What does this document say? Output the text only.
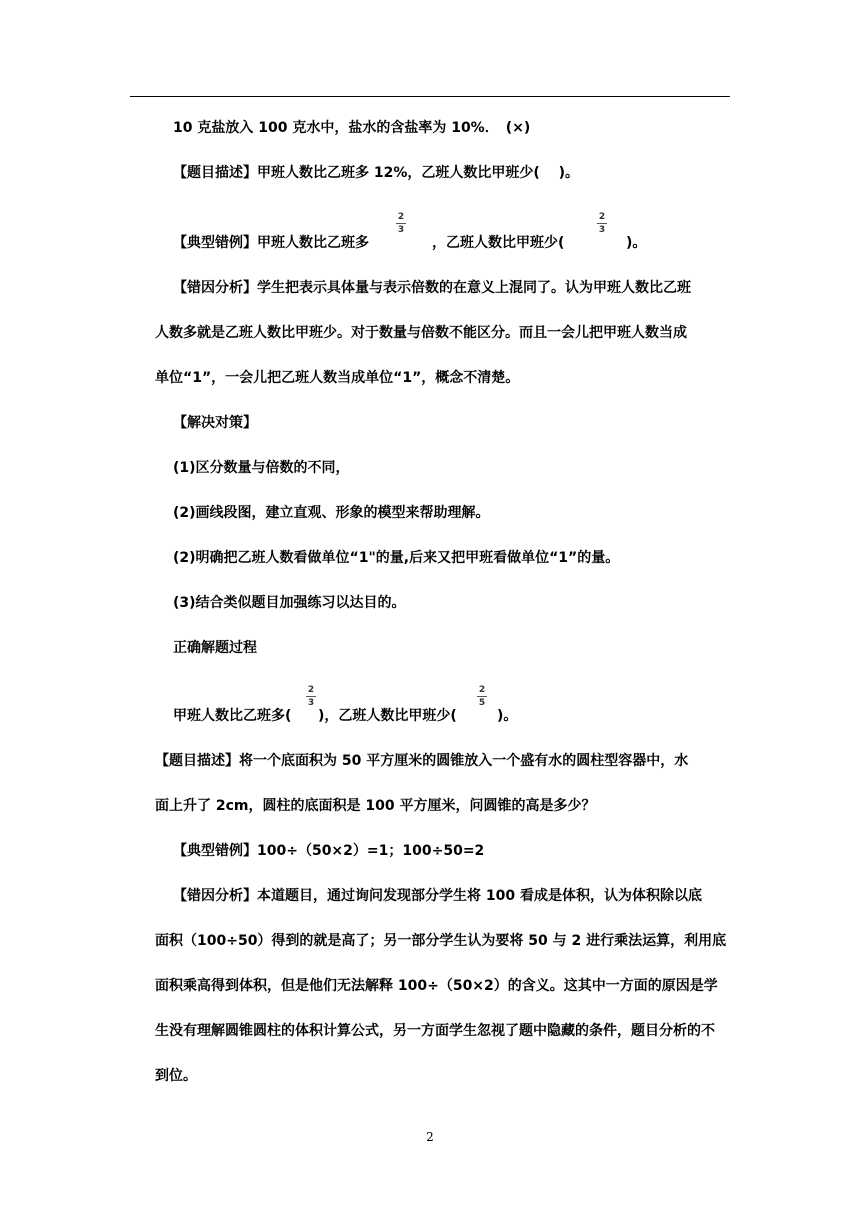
10 克盐放入 100 克水中，盐水的含盐率为 10%．　(×)
【题目描述】甲班人数比乙班多 12%，乙班人数比甲班少(　 )。
【典型错例】甲班人数比乙班多
2
3
，乙班人数比甲班少(
2
3
)。
【错因分析】学生把表示具体量与表示倍数的在意义上混同了。认为甲班人数比乙班
人数多就是乙班人数比甲班少。对于数量与倍数不能区分。而且一会儿把甲班人数当成
单位“1”，一会儿把乙班人数当成单位“1”，概念不清楚。
【解决对策】
(1)区分数量与倍数的不同，
(2)画线段图，建立直观、形象的模型来帮助理解。
(2)明确把乙班人数看做单位“1"的量,后来又把甲班看做单位“1”的量。
(3)结合类似题目加强练习以达目的。
正确解题过程
甲班人数比乙班多(
2
3
)，乙班人数比甲班少(
2
5
)。
【题目描述】将一个底面积为 50 平方厘米的圆锥放入一个盛有水的圆柱型容器中，水
面上升了 2cm，圆柱的底面积是 100 平方厘米，问圆锥的高是多少？
【典型错例】100÷（50×2）=1；100÷50=2
【错因分析】本道题目，通过询问发现部分学生将 100 看成是体积，认为体积除以底
面积（100÷50）得到的就是高了；另一部分学生认为要将 50 与 2 进行乘法运算，利用底
面积乘高得到体积，但是他们无法解释 100÷（50×2）的含义。这其中一方面的原因是学
生没有理解圆锥圆柱的体积计算公式，另一方面学生忽视了题中隐藏的条件，题目分析的不
到位。
2
